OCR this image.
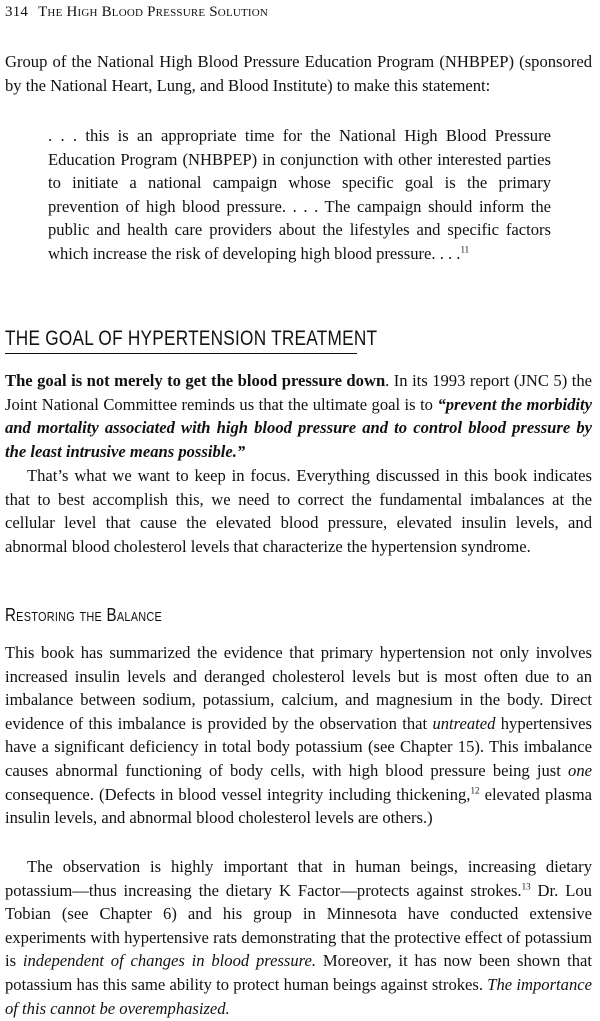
314 The High Blood Pressure Solution

Group of the National High Blood Pressure Education Program (NHBPEP) (sponsored by the National Heart, Lung, and Blood Institute) to make this statement:

. . . this is an appropriate time for the National High Blood Pressure Education Program (NHBPEP) in conjunction with other interested parties to initiate a national campaign whose specific goal is the primary prevention of high blood pressure. . . . The campaign should inform the public and health care providers about the lifestyles and specific factors which increase the risk of developing high blood pressure. . . .$^{11}$

THE GOAL OF HYPERTENSION TREATMENT

The goal is not merely to get the blood pressure down. In its 1993 report (JNC 5) the Joint National Committee reminds us that the ultimate goal is to “prevent the morbidity and mortality associated with high blood pressure and to control blood pressure by the least intrusive means possible.”

That’s what we want to keep in focus. Everything discussed in this book indicates that to best accomplish this, we need to correct the fundamental imbalances at the cellular level that cause the elevated blood pressure, elevated insulin levels, and abnormal blood cholesterol levels that characterize the hypertension syndrome.

Restoring the Balance

This book has summarized the evidence that primary hypertension not only involves increased insulin levels and deranged cholesterol levels but is most often due to an imbalance between sodium, potassium, calcium, and magnesium in the body. Direct evidence of this imbalance is provided by the observation that untreated hypertensives have a significant deficiency in total body potassium (see Chapter 15). This imbalance causes abnormal functioning of body cells, with high blood pressure being just one consequence. (Defects in blood vessel integrity including thickening,$^{12}$ elevated plasma insulin levels, and abnormal blood cholesterol levels are others.)

The observation is highly important that in human beings, increasing dietary potassium—thus increasing the dietary K Factor—protects against strokes.$^{13}$ Dr. Lou Tobian (see Chapter 6) and his group in Minnesota have conducted extensive experiments with hypertensive rats demonstrating that the protective effect of potassium is independent of changes in blood pressure. Moreover, it has now been shown that potassium has this same ability to protect human beings against strokes. The importance of this cannot be overemphasized.
